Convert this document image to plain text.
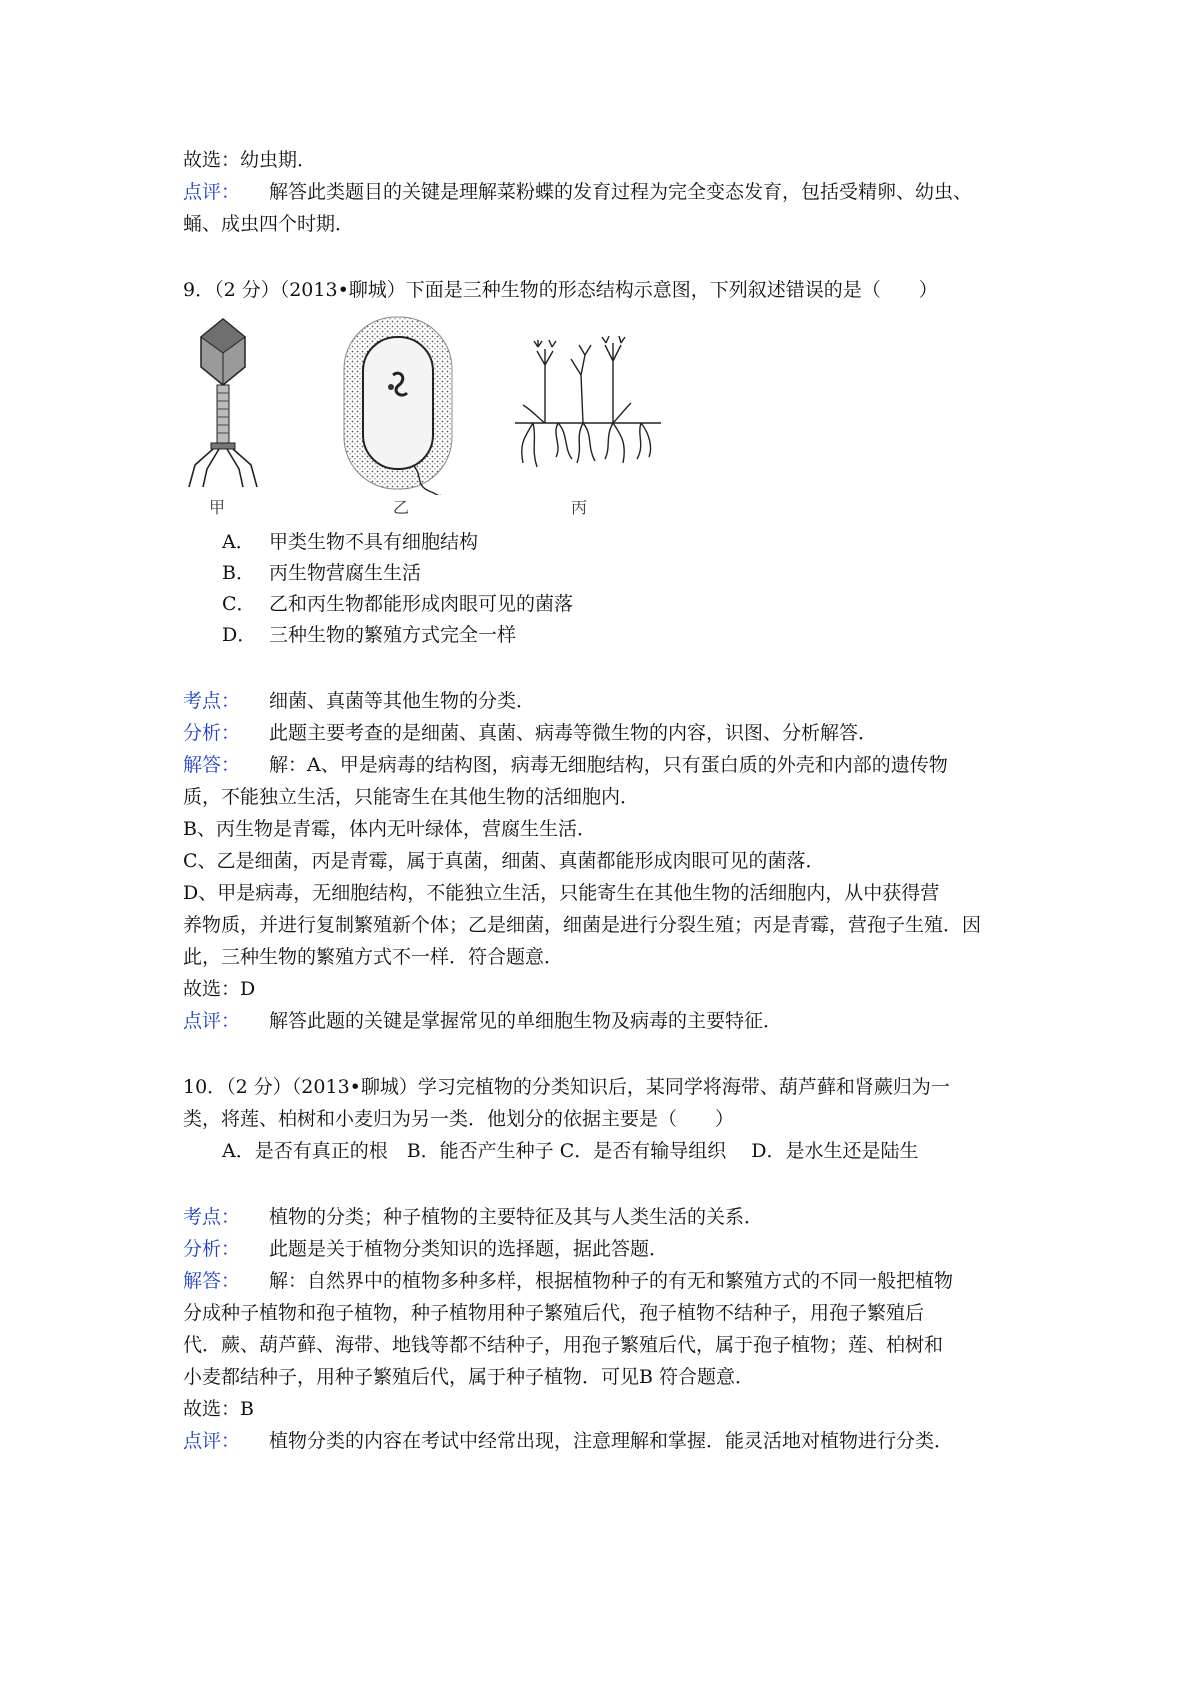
故选：幼虫期．
点评： 解答此类题目的关键是理解菜粉蝶的发育过程为完全变态发育，包括受精卵、幼虫、
蛹、成虫四个时期．
9．（2 分）（2013•聊城）下面是三种生物的形态结构示意图，下列叙述错误的是（　　）
甲	乙	丙
A． 甲类生物不具有细胞结构
B． 丙生物营腐生生活
C． 乙和丙生物都能形成肉眼可见的菌落
D． 三种生物的繁殖方式完全一样
考点： 细菌、真菌等其他生物的分类．
分析： 此题主要考查的是细菌、真菌、病毒等微生物的内容，识图、分析解答．
解答： 解：A、甲是病毒的结构图，病毒无细胞结构，只有蛋白质的外壳和内部的遗传物
质，不能独立生活，只能寄生在其他生物的活细胞内．
B、丙生物是青霉，体内无叶绿体，营腐生生活．
C、乙是细菌，丙是青霉，属于真菌，细菌、真菌都能形成肉眼可见的菌落．
D、甲是病毒，无细胞结构，不能独立生活，只能寄生在其他生物的活细胞内，从中获得营
养物质，并进行复制繁殖新个体；乙是细菌，细菌是进行分裂生殖；丙是青霉，营孢子生殖．因
此，三种生物的繁殖方式不一样．符合题意．
故选：D
点评： 解答此题的关键是掌握常见的单细胞生物及病毒的主要特征．
10．（2 分）（2013•聊城）学习完植物的分类知识后，某同学将海带、葫芦藓和肾蕨归为一
类，将莲、柏树和小麦归为另一类．他划分的依据主要是（　　）
A．是否有真正的根　B．能否产生种子 C．是否有输导组织　 D．是水生还是陆生
考点： 植物的分类；种子植物的主要特征及其与人类生活的关系．
分析： 此题是关于植物分类知识的选择题，据此答题．
解答： 解：自然界中的植物多种多样，根据植物种子的有无和繁殖方式的不同一般把植物
分成种子植物和孢子植物，种子植物用种子繁殖后代，孢子植物不结种子，用孢子繁殖后
代．蕨、葫芦藓、海带、地钱等都不结种子，用孢子繁殖后代，属于孢子植物；莲、柏树和
小麦都结种子，用种子繁殖后代，属于种子植物．可见B 符合题意．
故选：B
点评： 植物分类的内容在考试中经常出现，注意理解和掌握．能灵活地对植物进行分类．
